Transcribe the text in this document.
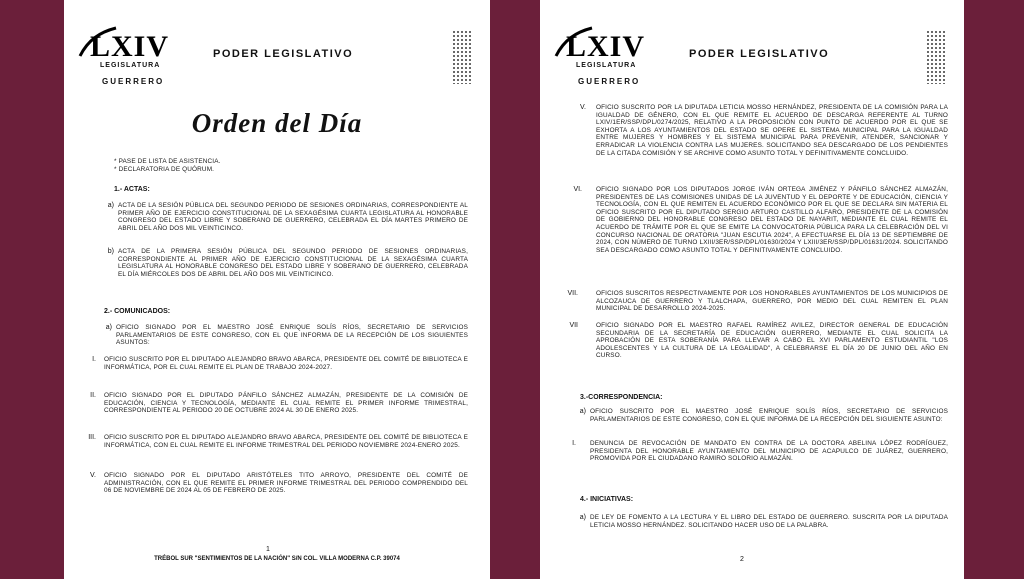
LXIV
LEGISLATURA
GUERRERO
PODER LEGISLATIVO
Orden del Día
* PASE DE LISTA DE ASISTENCIA.
* DECLARATORIA DE QUÓRUM.
1.- ACTAS:
a) ACTA DE LA SESIÓN PÚBLICA DEL SEGUNDO PERIODO DE SESIONES ORDINARIAS, CORRESPONDIENTE AL PRIMER AÑO DE EJERCICIO CONSTITUCIONAL DE LA SEXAGÉSIMA CUARTA LEGISLATURA AL HONORABLE CONGRESO DEL ESTADO LIBRE Y SOBERANO DE GUERRERO, CELEBRADA EL DÍA MARTES PRIMERO DE ABRIL DEL AÑO DOS MIL VEINTICINCO.
b) ACTA DE LA PRIMERA SESIÓN PÚBLICA DEL SEGUNDO PERIODO DE SESIONES ORDINARIAS, CORRESPONDIENTE AL PRIMER AÑO DE EJERCICIO CONSTITUCIONAL DE LA SEXAGÉSIMA CUARTA LEGISLATURA AL HONORABLE CONGRESO DEL ESTADO LIBRE Y SOBERANO DE GUERRERO, CELEBRADA EL DÍA MIÉRCOLES DOS DE ABRIL DEL AÑO DOS MIL VEINTICINCO.
2.- COMUNICADOS:
a) OFICIO SIGNADO POR EL MAESTRO JOSÉ ENRIQUE SOLÍS RÍOS, SECRETARIO DE SERVICIOS PARLAMENTARIOS DE ESTE CONGRESO, CON EL QUE INFORMA DE LA RECEPCIÓN DE LOS SIGUIENTES ASUNTOS:
I. OFICIO SUSCRITO POR EL DIPUTADO ALEJANDRO BRAVO ABARCA, PRESIDENTE DEL COMITÉ DE BIBLIOTECA E INFORMÁTICA, POR EL CUAL REMITE EL PLAN DE TRABAJO 2024-2027.
II. OFICIO SIGNADO POR EL DIPUTADO PÁNFILO SÁNCHEZ ALMAZÁN, PRESIDENTE DE LA COMISIÓN DE EDUCACIÓN, CIENCIA Y TECNOLOGÍA, MEDIANTE EL CUAL REMITE EL PRIMER INFORME TRIMESTRAL, CORRESPONDIENTE AL PERIODO 20 DE OCTUBRE 2024 AL 30 DE ENERO 2025.
III. OFICIO SUSCRITO POR EL DIPUTADO ALEJANDRO BRAVO ABARCA, PRESIDENTE DEL COMITÉ DE BIBLIOTECA E INFORMÁTICA, CON EL CUAL REMITE EL INFORME TRIMESTRAL DEL PERIODO NOVIEMBRE 2024-ENERO 2025.
V. OFICIO SIGNADO POR EL DIPUTADO ARISTÓTELES TITO ARROYO, PRESIDENTE DEL COMITÉ DE ADMINISTRACIÓN, CON EL QUE REMITE EL PRIMER INFORME TRIMESTRAL DEL PERIODO COMPRENDIDO DEL 06 DE NOVIEMBRE DE 2024 AL 05 DE FEBRERO DE 2025.
1
TRÉBOL SUR "SENTIMIENTOS DE LA NACIÓN" S/N COL. VILLA MODERNA C.P. 39074
LXIV
LEGISLATURA
GUERRERO
PODER LEGISLATIVO
V. OFICIO SUSCRITO POR LA DIPUTADA LETICIA MOSSO HERNÁNDEZ, PRESIDENTA DE LA COMISIÓN PARA LA IGUALDAD DE GÉNERO, CON EL QUE REMITE EL ACUERDO DE DESCARGA REFERENTE AL TURNO LXIV/1ER/SSP/DPL/0274/2025, RELATIVO A LA PROPOSICIÓN CON PUNTO DE ACUERDO POR EL QUE SE EXHORTA A LOS AYUNTAMIENTOS DEL ESTADO SE OPERE EL SISTEMA MUNICIPAL PARA LA IGUALDAD ENTRE MUJERES Y HOMBRES Y EL SISTEMA MUNICIPAL PARA PREVENIR, ATENDER, SANCIONAR Y ERRADICAR LA VIOLENCIA CONTRA LAS MUJERES. SOLICITANDO SEA DESCARGADO DE LOS PENDIENTES DE LA CITADA COMISIÓN Y SE ARCHIVE COMO ASUNTO TOTAL Y DEFINITIVAMENTE CONCLUIDO.
VI. OFICIO SIGNADO POR LOS DIPUTADOS JORGE IVÁN ORTEGA JIMÉNEZ Y PÁNFILO SÁNCHEZ ALMAZÁN, PRESIDENTES DE LAS COMISIONES UNIDAS DE LA JUVENTUD Y EL DEPORTE Y DE EDUCACIÓN, CIENCIA Y TECNOLOGÍA, CON EL QUE REMITEN EL ACUERDO ECONÓMICO POR EL QUE SE DECLARA SIN MATERIA EL OFICIO SUSCRITO POR EL DIPUTADO SERGIO ARTURO CASTILLO ALFARO, PRESIDENTE DE LA COMISIÓN DE GOBIERNO DEL HONORABLE CONGRESO DEL ESTADO DE NAYARIT, MEDIANTE EL CUAL REMITE EL ACUERDO DE TRÁMITE POR EL QUE SE EMITE LA CONVOCATORIA PÚBLICA PARA LA CELEBRACIÓN DEL VI CONCURSO NACIONAL DE ORATORIA "JUAN ESCUTIA 2024", A EFECTUARSE EL DÍA 13 DE SEPTIEMBRE DE 2024, CON NÚMERO DE TURNO LXIII/3ER/SSP/DPL/01630/2024 Y LXIII/3ER/SSP/DPL/01631/2024. SOLICITANDO SEA DESCARGADO COMO ASUNTO TOTAL Y DEFINITIVAMENTE CONCLUIDO.
VII.	OFICIOS SUSCRITOS RESPECTIVAMENTE POR LOS HONORABLES AYUNTAMIENTOS DE LOS MUNICIPIOS DE ALCOZAUCA DE GUERRERO Y TLALCHAPA, GUERRERO, POR MEDIO DEL CUAL REMITEN EL PLAN MUNICIPAL DE DESARROLLO 2024-2025.
VII	OFICIO SIGNADO POR EL MAESTRO RAFAEL RAMÍREZ AVILEZ, DIRECTOR GENERAL DE EDUCACIÓN SECUNDARIA DE LA SECRETARÍA DE EDUCACIÓN GUERRERO, MEDIANTE EL CUAL SOLICITA LA APROBACIÓN DE ESTA SOBERANÍA PARA LLEVAR A CABO EL XVI PARLAMENTO ESTUDIANTIL "LOS ADOLESCENTES Y LA CULTURA DE LA LEGALIDAD", A CELEBRARSE EL DÍA 20 DE JUNIO DEL AÑO EN CURSO.
3.-CORRESPONDENCIA:
a) OFICIO SUSCRITO POR EL MAESTRO JOSÉ ENRIQUE SOLÍS RÍOS, SECRETARIO DE SERVICIOS PARLAMENTARIOS DE ESTE CONGRESO, CON EL QUE INFORMA DE LA RECEPCIÓN DEL SIGUIENTE ASUNTO:
I. DENUNCIA DE REVOCACIÓN DE MANDATO EN CONTRA DE LA DOCTORA ABELINA LÓPEZ RODRÍGUEZ, PRESIDENTA DEL HONORABLE AYUNTAMIENTO DEL MUNICIPIO DE ACAPULCO DE JUÁREZ, GUERRERO, PROMOVIDA POR EL CIUDADANO RAMIRO SOLORIO ALMAZÁN.
4.- INICIATIVAS:
a) DE LEY DE FOMENTO A LA LECTURA Y EL LIBRO DEL ESTADO DE GUERRERO. SUSCRITA POR LA DIPUTADA LETICIA MOSSO HERNÁNDEZ. SOLICITANDO HACER USO DE LA PALABRA.
2
